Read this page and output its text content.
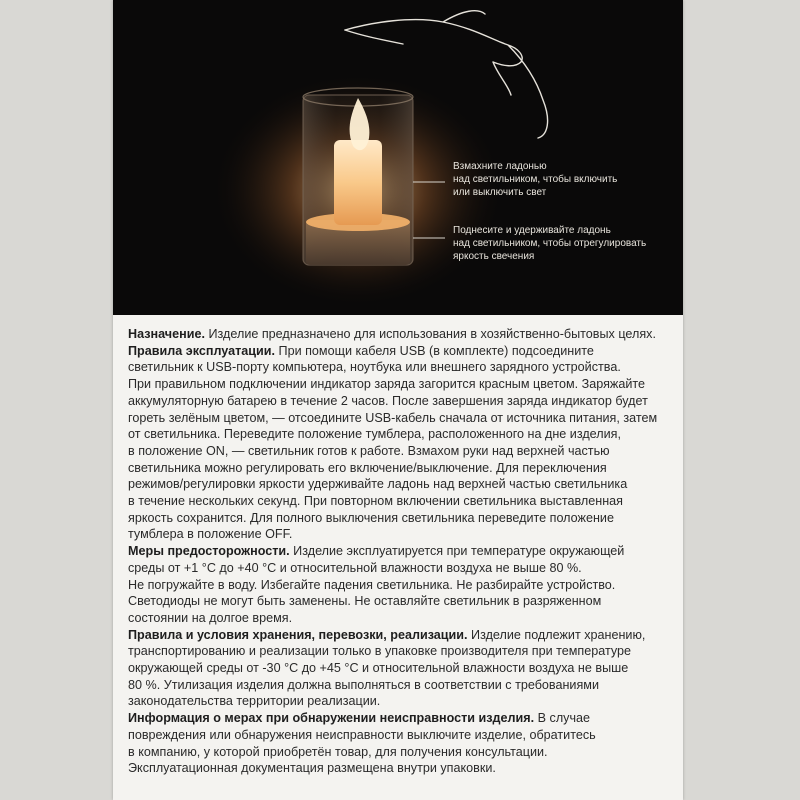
Взмахните ладонью
над светильником, чтобы включить
или выключить свет
Поднесите и удерживайте ладонь
над светильником, чтобы отрегулировать
яркость свечения

Назначение. Изделие предназначено для использования в хозяйственно-бытовых целях.

Правила эксплуатации. При помощи кабеля USB (в комплекте) подсоедините
светильник к USB-порту компьютера, ноутбука или внешнего зарядного устройства.
При правильном подключении индикатор заряда загорится красным цветом. Заряжайте
аккумуляторную батарею в течение 2 часов. После завершения заряда индикатор будет
гореть зелёным цветом, — отсоедините USB-кабель сначала от источника питания, затем
от светильника. Переведите положение тумблера, расположенного на дне изделия,
в положение ON, — светильник готов к работе. Взмахом руки над верхней частью
светильника можно регулировать его включение/выключение. Для переключения
режимов/регулировки яркости удерживайте ладонь над верхней частью светильника
в течение нескольких секунд. При повторном включении светильника выставленная
яркость сохранится. Для полного выключения светильника переведите положение
тумблера в положение OFF.

Меры предосторожности. Изделие эксплуатируется при температуре окружающей
среды от +1 °C до +40 °C и относительной влажности воздуха не выше 80 %.
Не погружайте в воду. Избегайте падения светильника. Не разбирайте устройство.
Светодиоды не могут быть заменены. Не оставляйте светильник в разряженном
состоянии на долгое время.

Правила и условия хранения, перевозки, реализации. Изделие подлежит хранению,
транспортированию и реализации только в упаковке производителя при температуре
окружающей среды от -30 °C до +45 °C и относительной влажности воздуха не выше
80 %. Утилизация изделия должна выполняться в соответствии с требованиями
законодательства территории реализации.

Информация о мерах при обнаружении неисправности изделия. В случае
повреждения или обнаружения неисправности выключите изделие, обратитесь
в компанию, у которой приобретён товар, для получения консультации.
Эксплуатационная документация размещена внутри упаковки.
